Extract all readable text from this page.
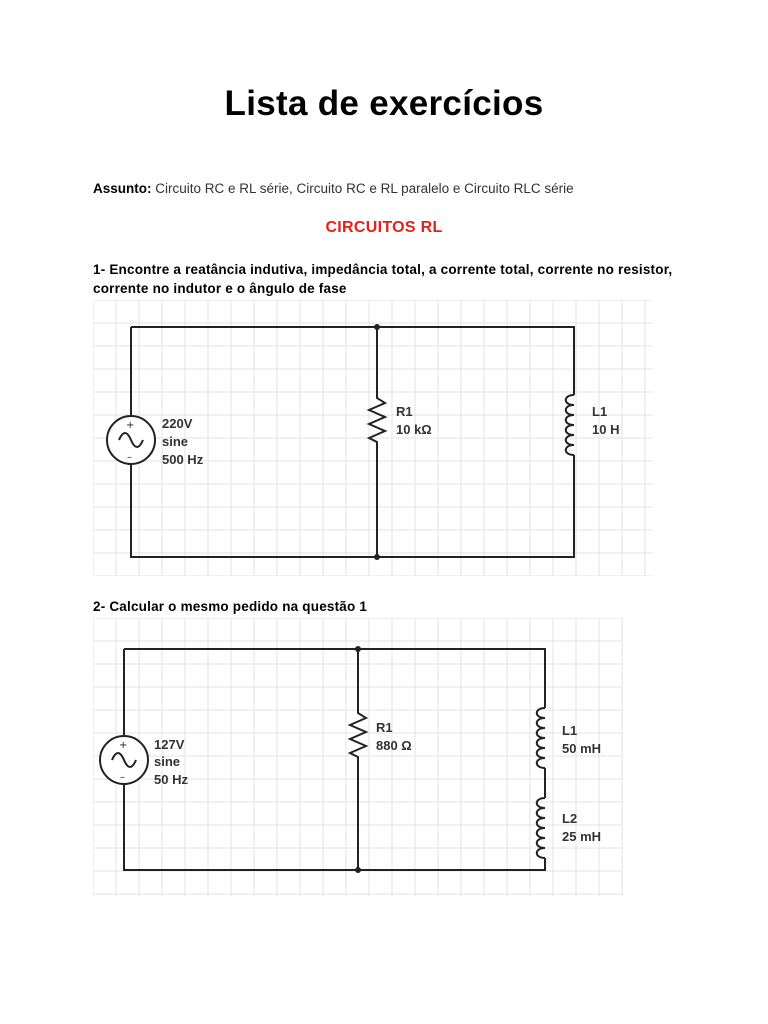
Lista de exercícios
Assunto: Circuito RC e RL série, Circuito RC e RL paralelo e Circuito RLC série
CIRCUITOS RL
1- Encontre a reatância indutiva, impedância total, a corrente total, corrente no resistor, corrente no indutor e o ângulo de fase
+
–
220V
sine
500 Hz
R1
10 kΩ
L1
10 H
2- Calcular o mesmo pedido na questão 1
+
–
127V
sine
50 Hz
R1
880 Ω
L1
50 mH
L2
25 mH
